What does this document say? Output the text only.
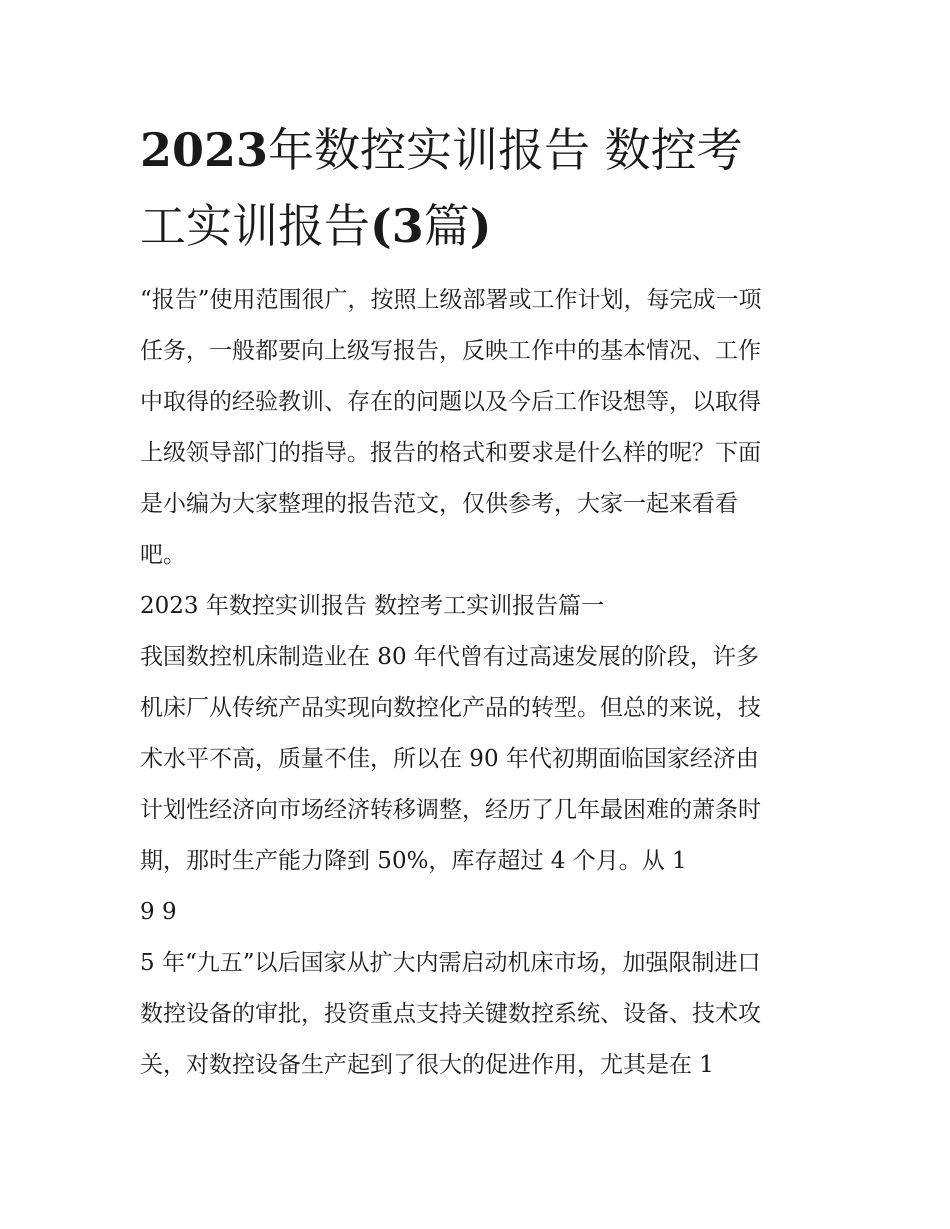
2023年数控实训报告 数控考
工实训报告(3篇)
“报告”使用范围很广，按照上级部署或工作计划，每完成一项
任务，一般都要向上级写报告，反映工作中的基本情况、工作
中取得的经验教训、存在的问题以及今后工作设想等，以取得
上级领导部门的指导。报告的格式和要求是什么样的呢？下面
是小编为大家整理的报告范文，仅供参考，大家一起来看看
吧。
2023 年数控实训报告 数控考工实训报告篇一
我国数控机床制造业在 80 年代曾有过高速发展的阶段，许多
机床厂从传统产品实现向数控化产品的转型。但总的来说，技
术水平不高，质量不佳，所以在 90 年代初期面临国家经济由
计划性经济向市场经济转移调整，经历了几年最困难的萧条时
期，那时生产能力降到 50%，库存超过 4 个月。从 1
9 9
5 年“九五”以后国家从扩大内需启动机床市场，加强限制进口
数控设备的审批，投资重点支持关键数控系统、设备、技术攻
关，对数控设备生产起到了很大的促进作用，尤其是在 1
